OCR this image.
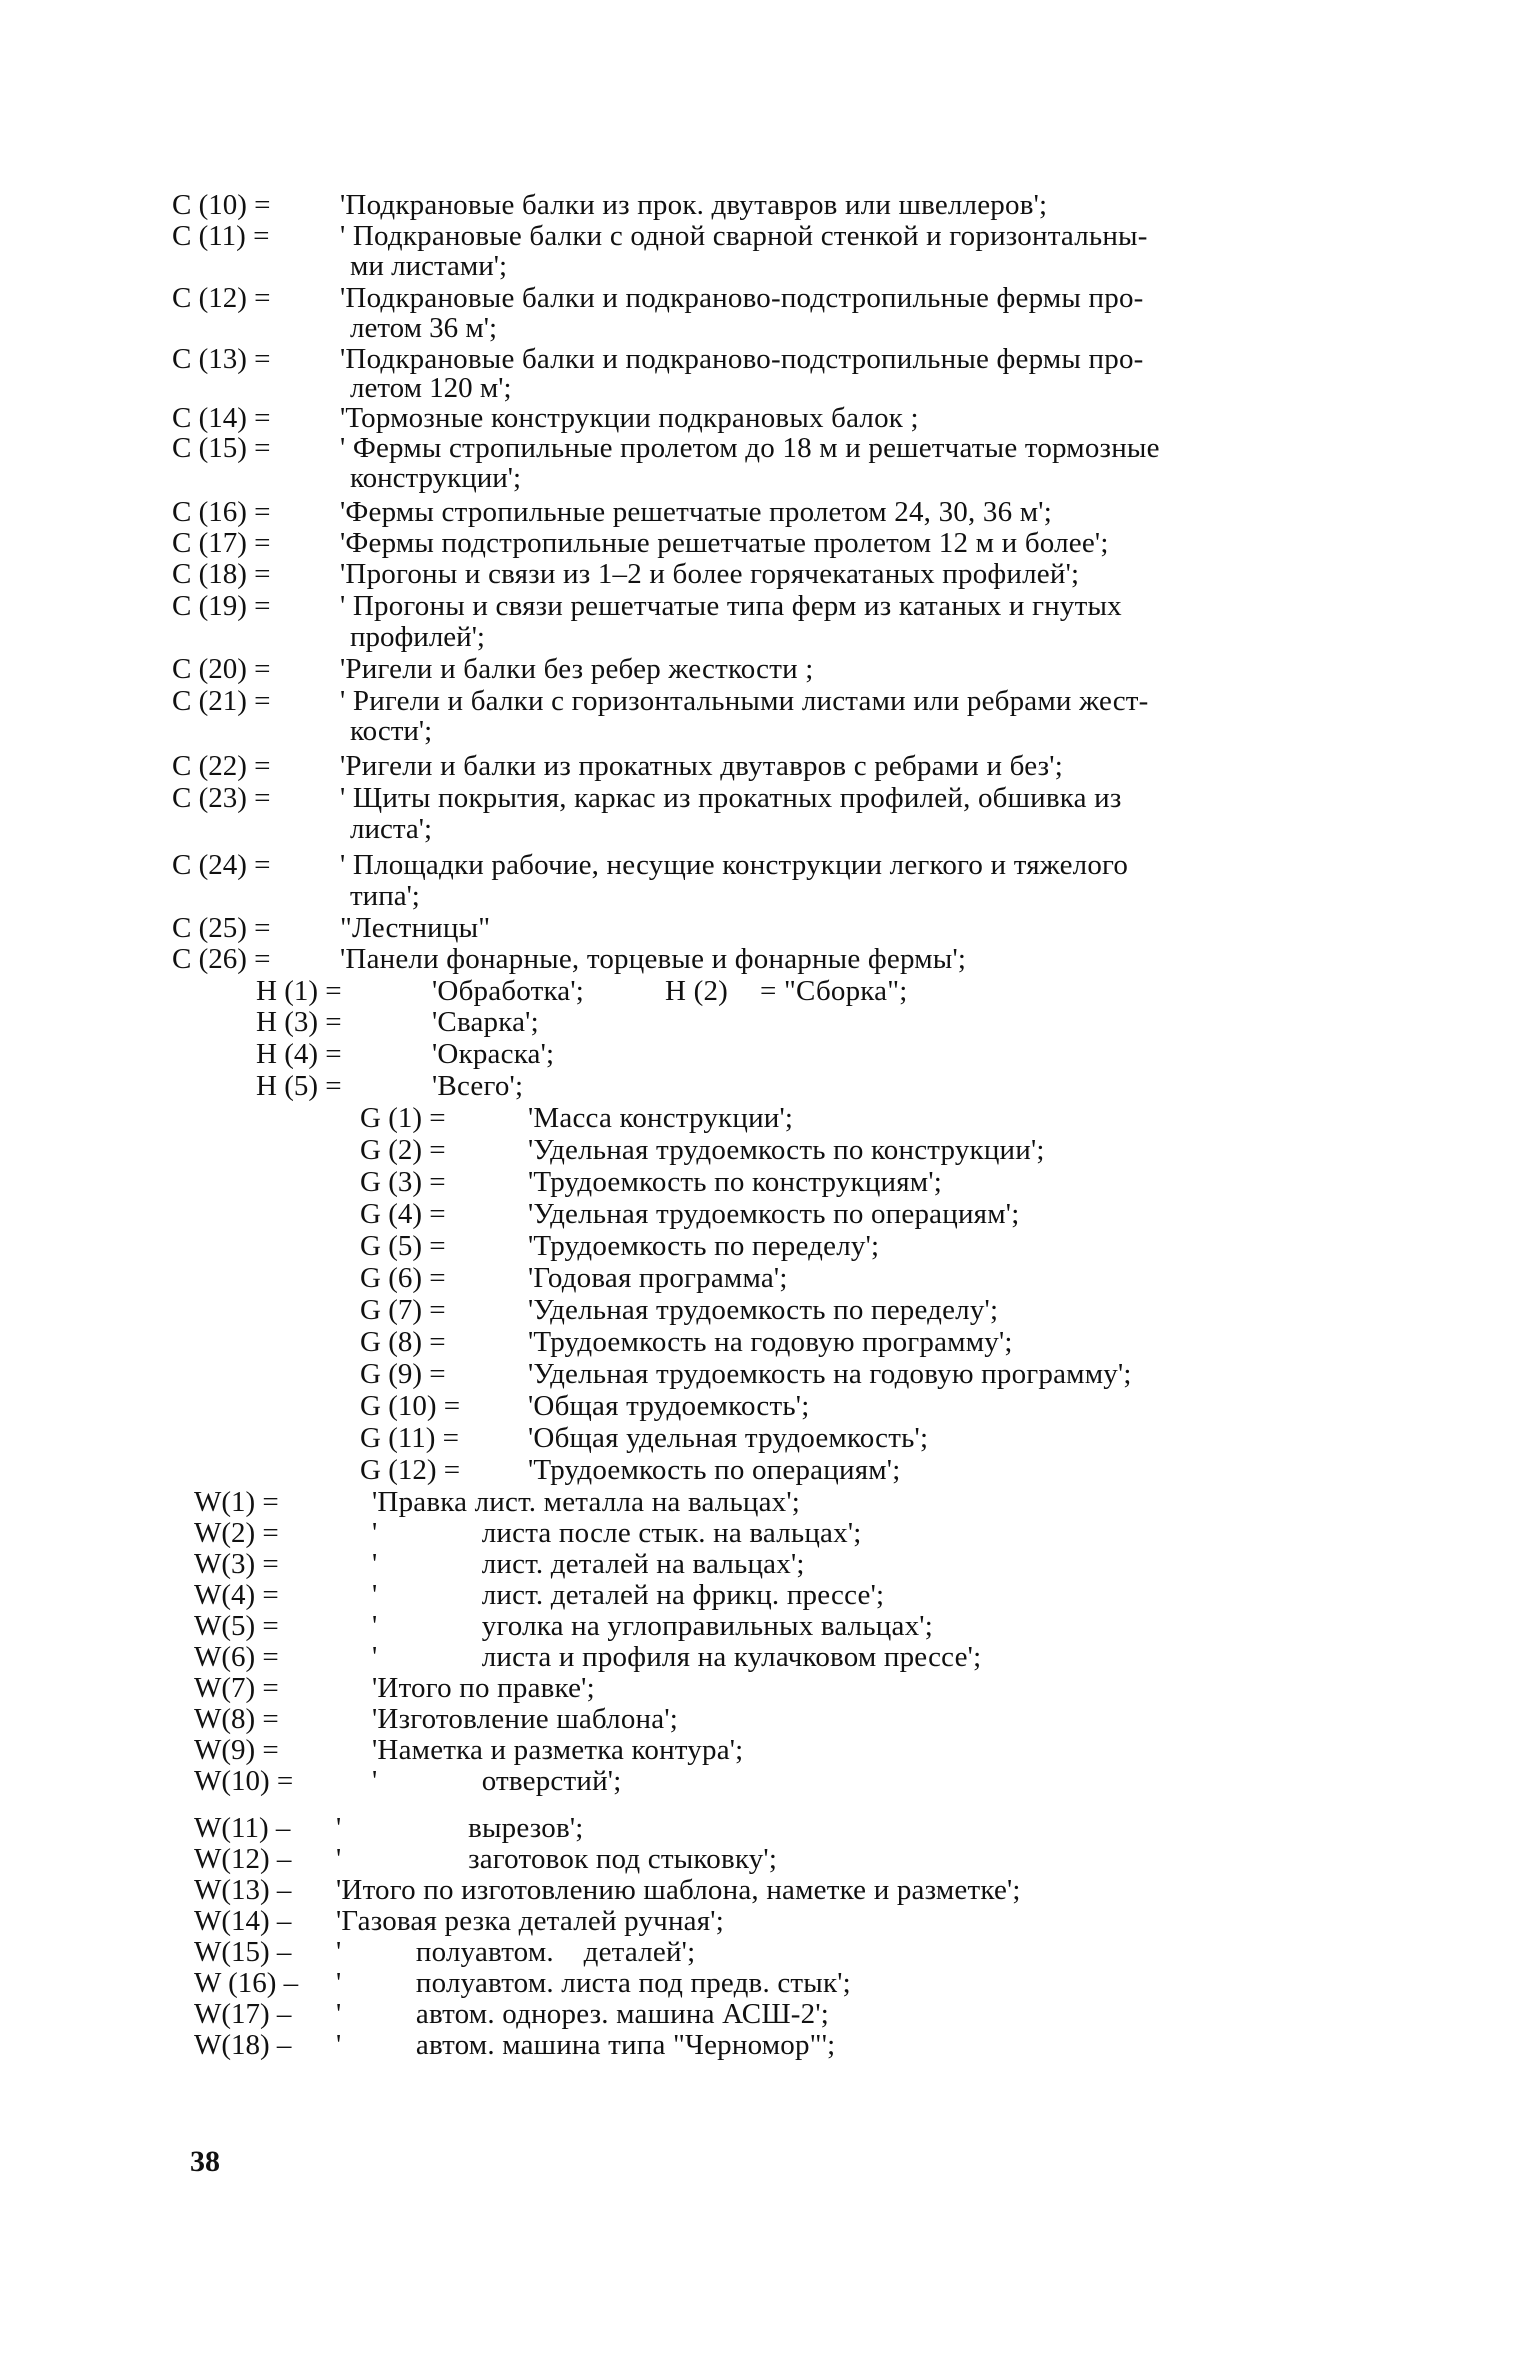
C (10) = 'Подкрановые балки из прок. двутавров или швеллеров';
C (11) = ' Подкрановые балки с одной сварной стенкой и горизонтальны-
ми листами';
C (12) = 'Подкрановые балки и подкраново-подстропильные фермы про-
летом 36 м';
C (13) = 'Подкрановые балки и подкраново-подстропильные фермы про-
летом 120 м';
C (14) = 'Тормозные конструкции подкрановых балок ;
C (15) = ' Фермы стропильные пролетом до 18 м и решетчатые тормозные
конструкции';
C (16) = 'Фермы стропильные решетчатые пролетом 24, 30, 36 м';
C (17) = 'Фермы подстропильные решетчатые пролетом 12 м и более';
C (18) = 'Прогоны и связи из 1–2 и более горячекатаных профилей';
C (19) = ' Прогоны и связи решетчатые типа ферм из катаных и гнутых
профилей';
C (20) = 'Ригели и балки без ребер жесткости ;
C (21) = ' Ригели и балки с горизонтальными листами или ребрами жест-
кости';
C (22) = 'Ригели и балки из прокатных двутавров с ребрами и без';
C (23) = ' Щиты покрытия, каркас из прокатных профилей, обшивка из
листа';
C (24) = ' Площадки рабочие, несущие конструкции легкого и тяжелого
типа';
C (25) = "Лестницы"
C (26) = 'Панели фонарные, торцевые и фонарные фермы';
H (1) =	'Обработка';	H (2) = "Сборка";
H (3) =	'Сварка';
H (4) =	'Окраска';
H (5) =	'Всего';
G (1) =	'Масса конструкции';
G (2) =	'Удельная трудоемкость по конструкции';
G (3) =	'Трудоемкость по конструкциям';
G (4) =	'Удельная трудоемкость по операциям';
G (5) =	'Трудоемкость по переделу';
G (6) =	'Годовая программа';
G (7) =	'Удельная трудоемкость по переделу';
G (8) =	'Трудоемкость на годовую программу';
G (9) =	'Удельная трудоемкость на годовую программу';
G (10) = 'Общая трудоемкость';
G (11) = 'Общая удельная трудоемкость';
G (12) = 'Трудоемкость по операциям';
W(1) =	'Правка лист. металла на вальцах';
W(2) =	'              листа после стык. на вальцах';
W(3) =	'              лист. деталей на вальцах';
W(4) =	'              лист. деталей на фрикц. прессе';
W(5) =	'              уголка на углоправильных вальцах';
W(6) =	'              листа и профиля на кулачковом прессе';
W(7) =	'Итого по правке';
W(8) =	'Изготовление шаблона';
W(9) =	'Наметка и разметка контура';
W(10) =	'              отверстий';
W(11) – '                 вырезов';
W(12) – '                 заготовок под стыковку';
W(13) – 'Итого по изготовлению шаблона, наметке и разметке';
W(14) – 'Газовая резка деталей ручная';
W(15) – '          полуавтом.    деталей';
W (16) – '          полуавтом. листа под предв. стык';
W(17) – '          автом. однорез. машина АСШ-2';
W(18) – '          автом. машина типа "Черномор"';
38
